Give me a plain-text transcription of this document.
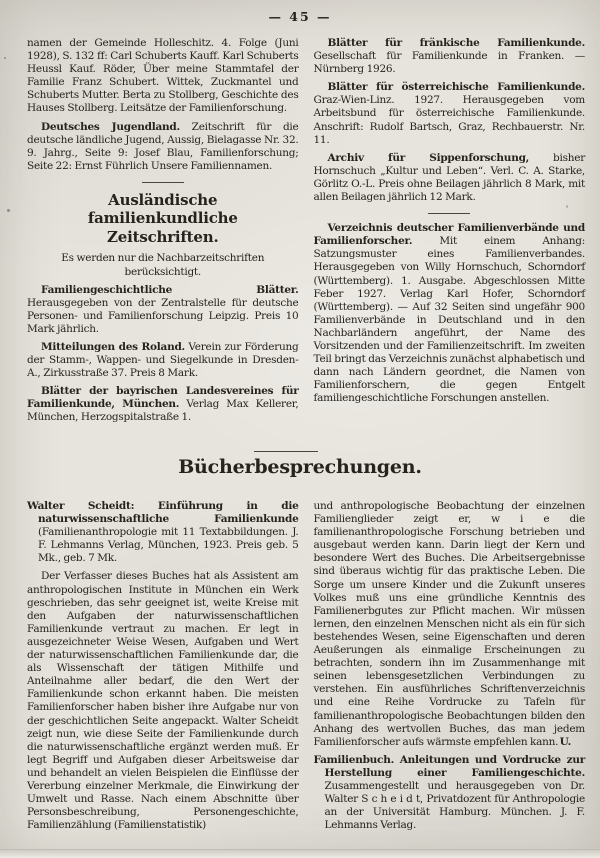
— 45 —

namen der Gemeinde Holleschitz. 4. Folge (Juni 1928), S. 132 ff: Carl Schuberts Kauff. Karl Schuberts Heussl Kauf. Röder, Über meine Stammtafel der Familie Franz Schubert. Wittek, Zuckmantel und Schuberts Mutter. Berta zu Stollberg, Geschichte des Hauses Stollberg. Leitsätze der Familienforschung.

Deutsches Jugendland. Zeitschrift für die deutsche ländliche Jugend, Aussig, Bielagasse Nr. 32. 9. Jahrg., Seite 9: Josef Blau, Familienforschung; Seite 22: Ernst Führlich Unsere Familiennamen.

Ausländische familienkundliche Zeitschriften.

Es werden nur die Nachbarzeitschriften berücksichtigt.

Familiengeschichtliche Blätter. Herausgegeben von der Zentralstelle für deutsche Personen- und Familienforschung Leipzig. Preis 10 Mark jährlich.

Mitteilungen des Roland. Verein zur Förderung der Stamm-, Wappen- und Siegelkunde in Dresden-A., Zirkusstraße 37. Preis 8 Mark.

Blätter der bayrischen Landesvereines für Familienkunde, München. Verlag Max Kellerer, München, Herzogspitalstraße 1.

Blätter für fränkische Familienkunde. Gesellschaft für Familienkunde in Franken. — Nürnberg 1926.

Blätter für österreichische Familienkunde. Graz-Wien-Linz. 1927. Herausgegeben vom Arbeitsbund für österreichische Familienkunde. Anschrift: Rudolf Bartsch, Graz, Rechbauerstr. Nr. 11.

Archiv für Sippenforschung, bisher Hornschuch „Kultur und Leben“. Verl. C. A. Starke, Görlitz O.-L. Preis ohne Beilagen jährlich 8 Mark, mit allen Beilagen jährlich 12 Mark.

Verzeichnis deutscher Familienverbände und Familienforscher. Mit einem Anhang: Satzungsmuster eines Familienverbandes. Herausgegeben von Willy Hornschuch, Schorndorf (Württemberg). 1. Ausgabe. Abgeschlossen Mitte Feber 1927. Verlag Karl Hofer, Schorndorf (Württemberg). — Auf 32 Seiten sind ungefähr 900 Familienverbände in Deutschland und in den Nachbarländern angeführt, der Name des Vorsitzenden und der Familienzeitschrift. Im zweiten Teil bringt das Verzeichnis zunächst alphabetisch und dann nach Ländern geordnet, die Namen von Familienforschern, die gegen Entgelt familiengeschichtliche Forschungen anstellen.

Bücherbesprechungen.

Walter Scheidt: Einführung in die naturwissenschaftliche Familienkunde (Familienanthropologie mit 11 Textabbildungen. J. F. Lehmanns Verlag, München, 1923. Preis geb. 5 Mk., geb. 7 Mk.

Der Verfasser dieses Buches hat als Assistent am anthropologischen Institute in München ein Werk geschrieben, das sehr geeignet ist, weite Kreise mit den Aufgaben der naturwissenschaftlichen Familienkunde vertraut zu machen. Er legt in ausgezeichneter Weise Wesen, Aufgaben und Wert der naturwissenschaftlichen Familienkunde dar, die als Wissenschaft der tätigen Mithilfe und Anteilnahme aller bedarf, die den Wert der Familienkunde schon erkannt haben. Die meisten Familienforscher haben bisher ihre Aufgabe nur von der geschichtlichen Seite angepackt. Walter Scheidt zeigt nun, wie diese Seite der Familienkunde durch die naturwissenschaftliche ergänzt werden muß. Er legt Begriff und Aufgaben dieser Arbeitsweise dar und behandelt an vielen Beispielen die Einflüsse der Vererbung einzelner Merkmale, die Einwirkung der Umwelt und Rasse. Nach einem Abschnitte über Personsbeschreibung, Personengeschichte, Familienzählung (Familienstatistik)

und anthropologische Beobachtung der einzelnen Familienglieder zeigt er, w i e die familienanthropologische Forschung betrieben und ausgebaut werden kann. Darin liegt der Kern und besondere Wert des Buches. Die Arbeitsergebnisse sind überaus wichtig für das praktische Leben. Die Sorge um unsere Kinder und die Zukunft unseres Volkes muß uns eine gründliche Kenntnis des Familienerbgutes zur Pflicht machen. Wir müssen lernen, den einzelnen Menschen nicht als ein für sich bestehendes Wesen, seine Eigenschaften und deren Aeußerungen als einmalige Erscheinungen zu betrachten, sondern ihn im Zusammenhange mit seinen lebensgesetzlichen Verbindungen zu verstehen. Ein ausführliches Schriftenverzeichnis und eine Reihe Vordrucke zu Tafeln für familienanthropologische Beobachtungen bilden den Anhang des wertvollen Buches, das man jedem Familienforscher aufs wärmste empfehlen kann. U.

Familienbuch. Anleitungen und Vordrucke zur Herstellung einer Familiengeschichte. Zusammengestellt und herausgegeben von Dr. Walter S c h e i d t, Privatdozent für Anthropologie an der Universität Hamburg. München. J. F. Lehmanns Verlag.
